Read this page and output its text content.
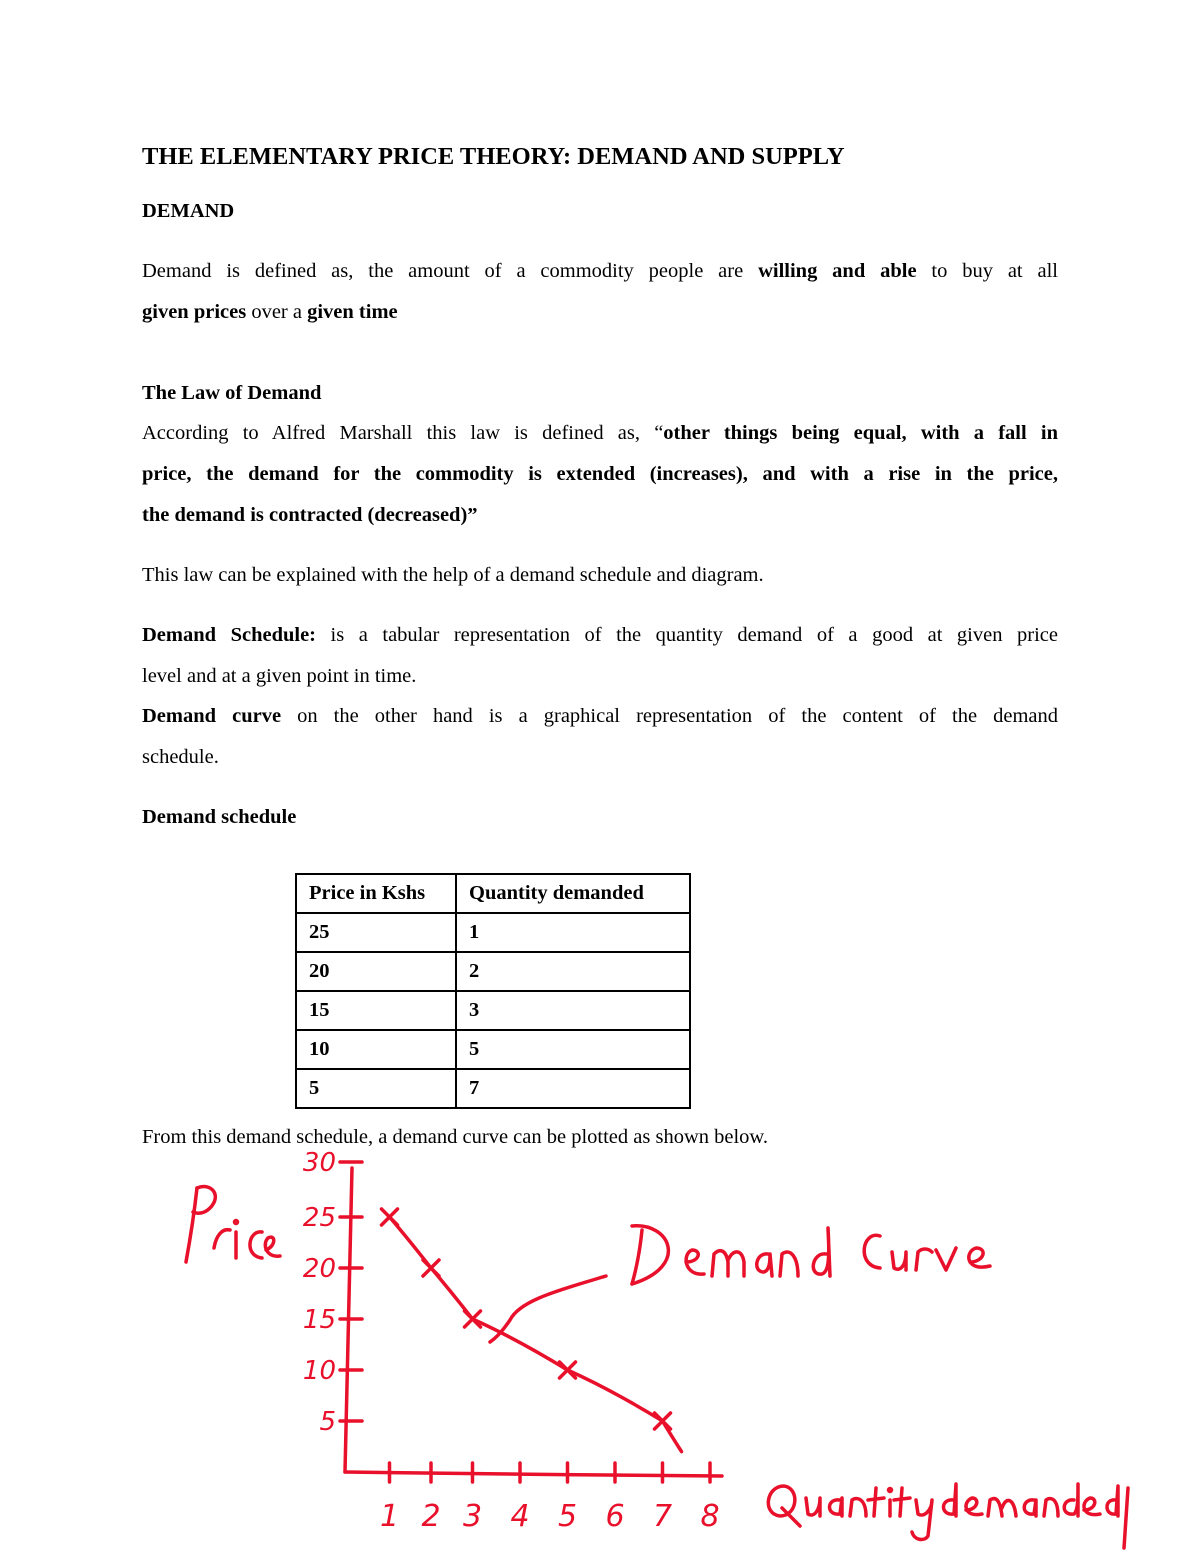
THE ELEMENTARY PRICE THEORY: DEMAND AND SUPPLY
DEMAND
Demand is defined as, the amount of a commodity people are willing and able to buy at all
given prices over a given time
The Law of Demand
According to Alfred Marshall this law is defined as, “other things being equal, with a fall in
price, the demand for the commodity is extended (increases), and with a rise in the price,
the demand is contracted (decreased)”
This law can be explained with the help of a demand schedule and diagram.
Demand Schedule: is a tabular representation of the quantity demand of a good at given price
level and at a given point in time.
Demand curve on the other hand is a graphical representation of the content of the demand
schedule.
Demand schedule
Price in Kshs	Quantity demanded
25	1
20	2
15	3
10	5
5	7
From this demand schedule, a demand curve can be plotted as shown below.
30
25
20
15
10
5
1 2 3 4 5 6 7 8
